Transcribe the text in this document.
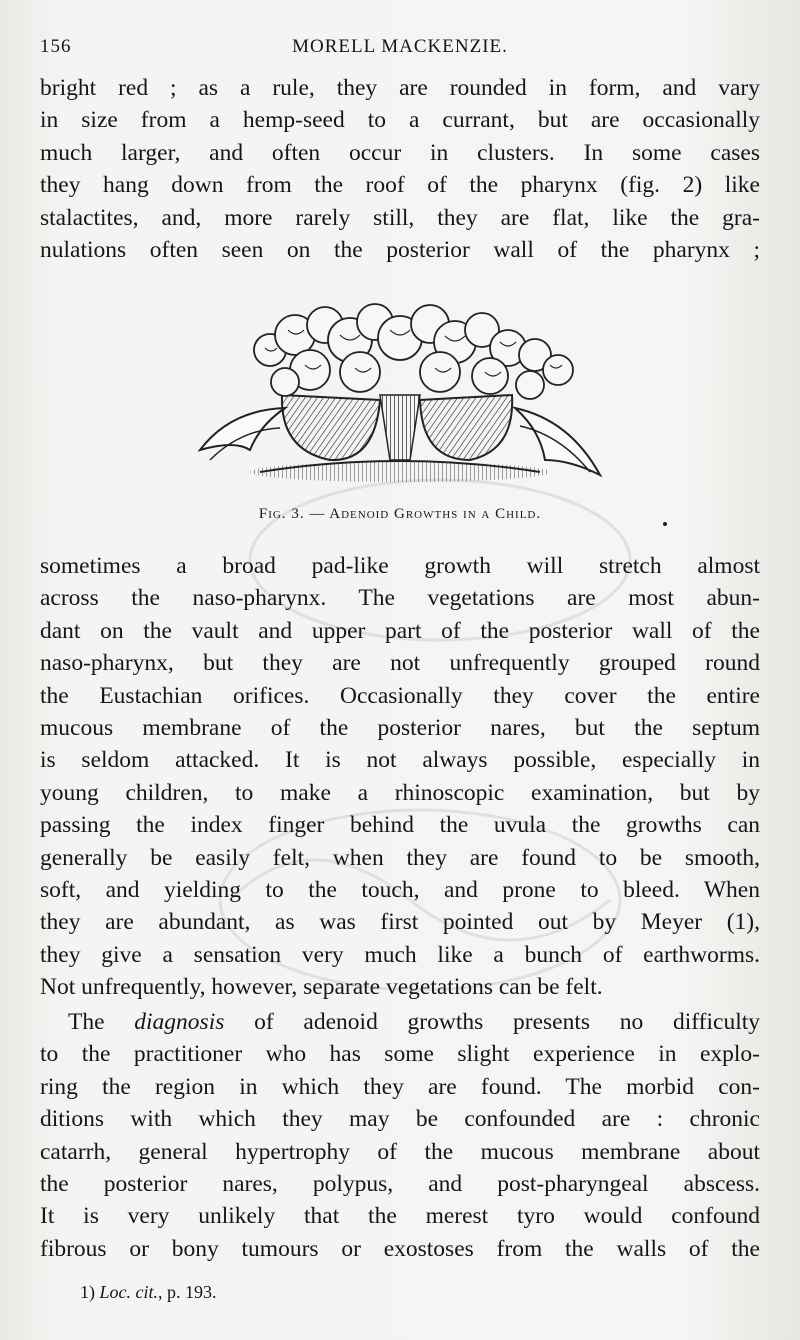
156	MORELL MACKENZIE.
bright red ; as a rule, they are rounded in form, and vary
in size from a hemp-seed to a currant, but are occasionally
much larger, and often occur in clusters. In some cases
they hang down from the roof of the pharynx (fig. 2) like
stalactites, and, more rarely still, they are flat, like the gra-
nulations often seen on the posterior wall of the pharynx ;
Fig. 3. — Adenoid Growths in a Child.
sometimes a broad pad-like growth will stretch almost
across the naso-pharynx. The vegetations are most abun-
dant on the vault and upper part of the posterior wall of the
naso-pharynx, but they are not unfrequently grouped round
the Eustachian orifices. Occasionally they cover the entire
mucous membrane of the posterior nares, but the septum
is seldom attacked. It is not always possible, especially in
young children, to make a rhinoscopic examination, but by
passing the index finger behind the uvula the growths can
generally be easily felt, when they are found to be smooth,
soft, and yielding to the touch, and prone to bleed. When
they are abundant, as was first pointed out by Meyer (1),
they give a sensation very much like a bunch of earthworms.
Not unfrequently, however, separate vegetations can be felt.
The diagnosis of adenoid growths presents no difficulty
to the practitioner who has some slight experience in explo-
ring the region in which they are found. The morbid con-
ditions with which they may be confounded are : chronic
catarrh, general hypertrophy of the mucous membrane about
the posterior nares, polypus, and post-pharyngeal abscess.
It is very unlikely that the merest tyro would confound
fibrous or bony tumours or exostoses from the walls of the
1) Loc. cit., p. 193.
